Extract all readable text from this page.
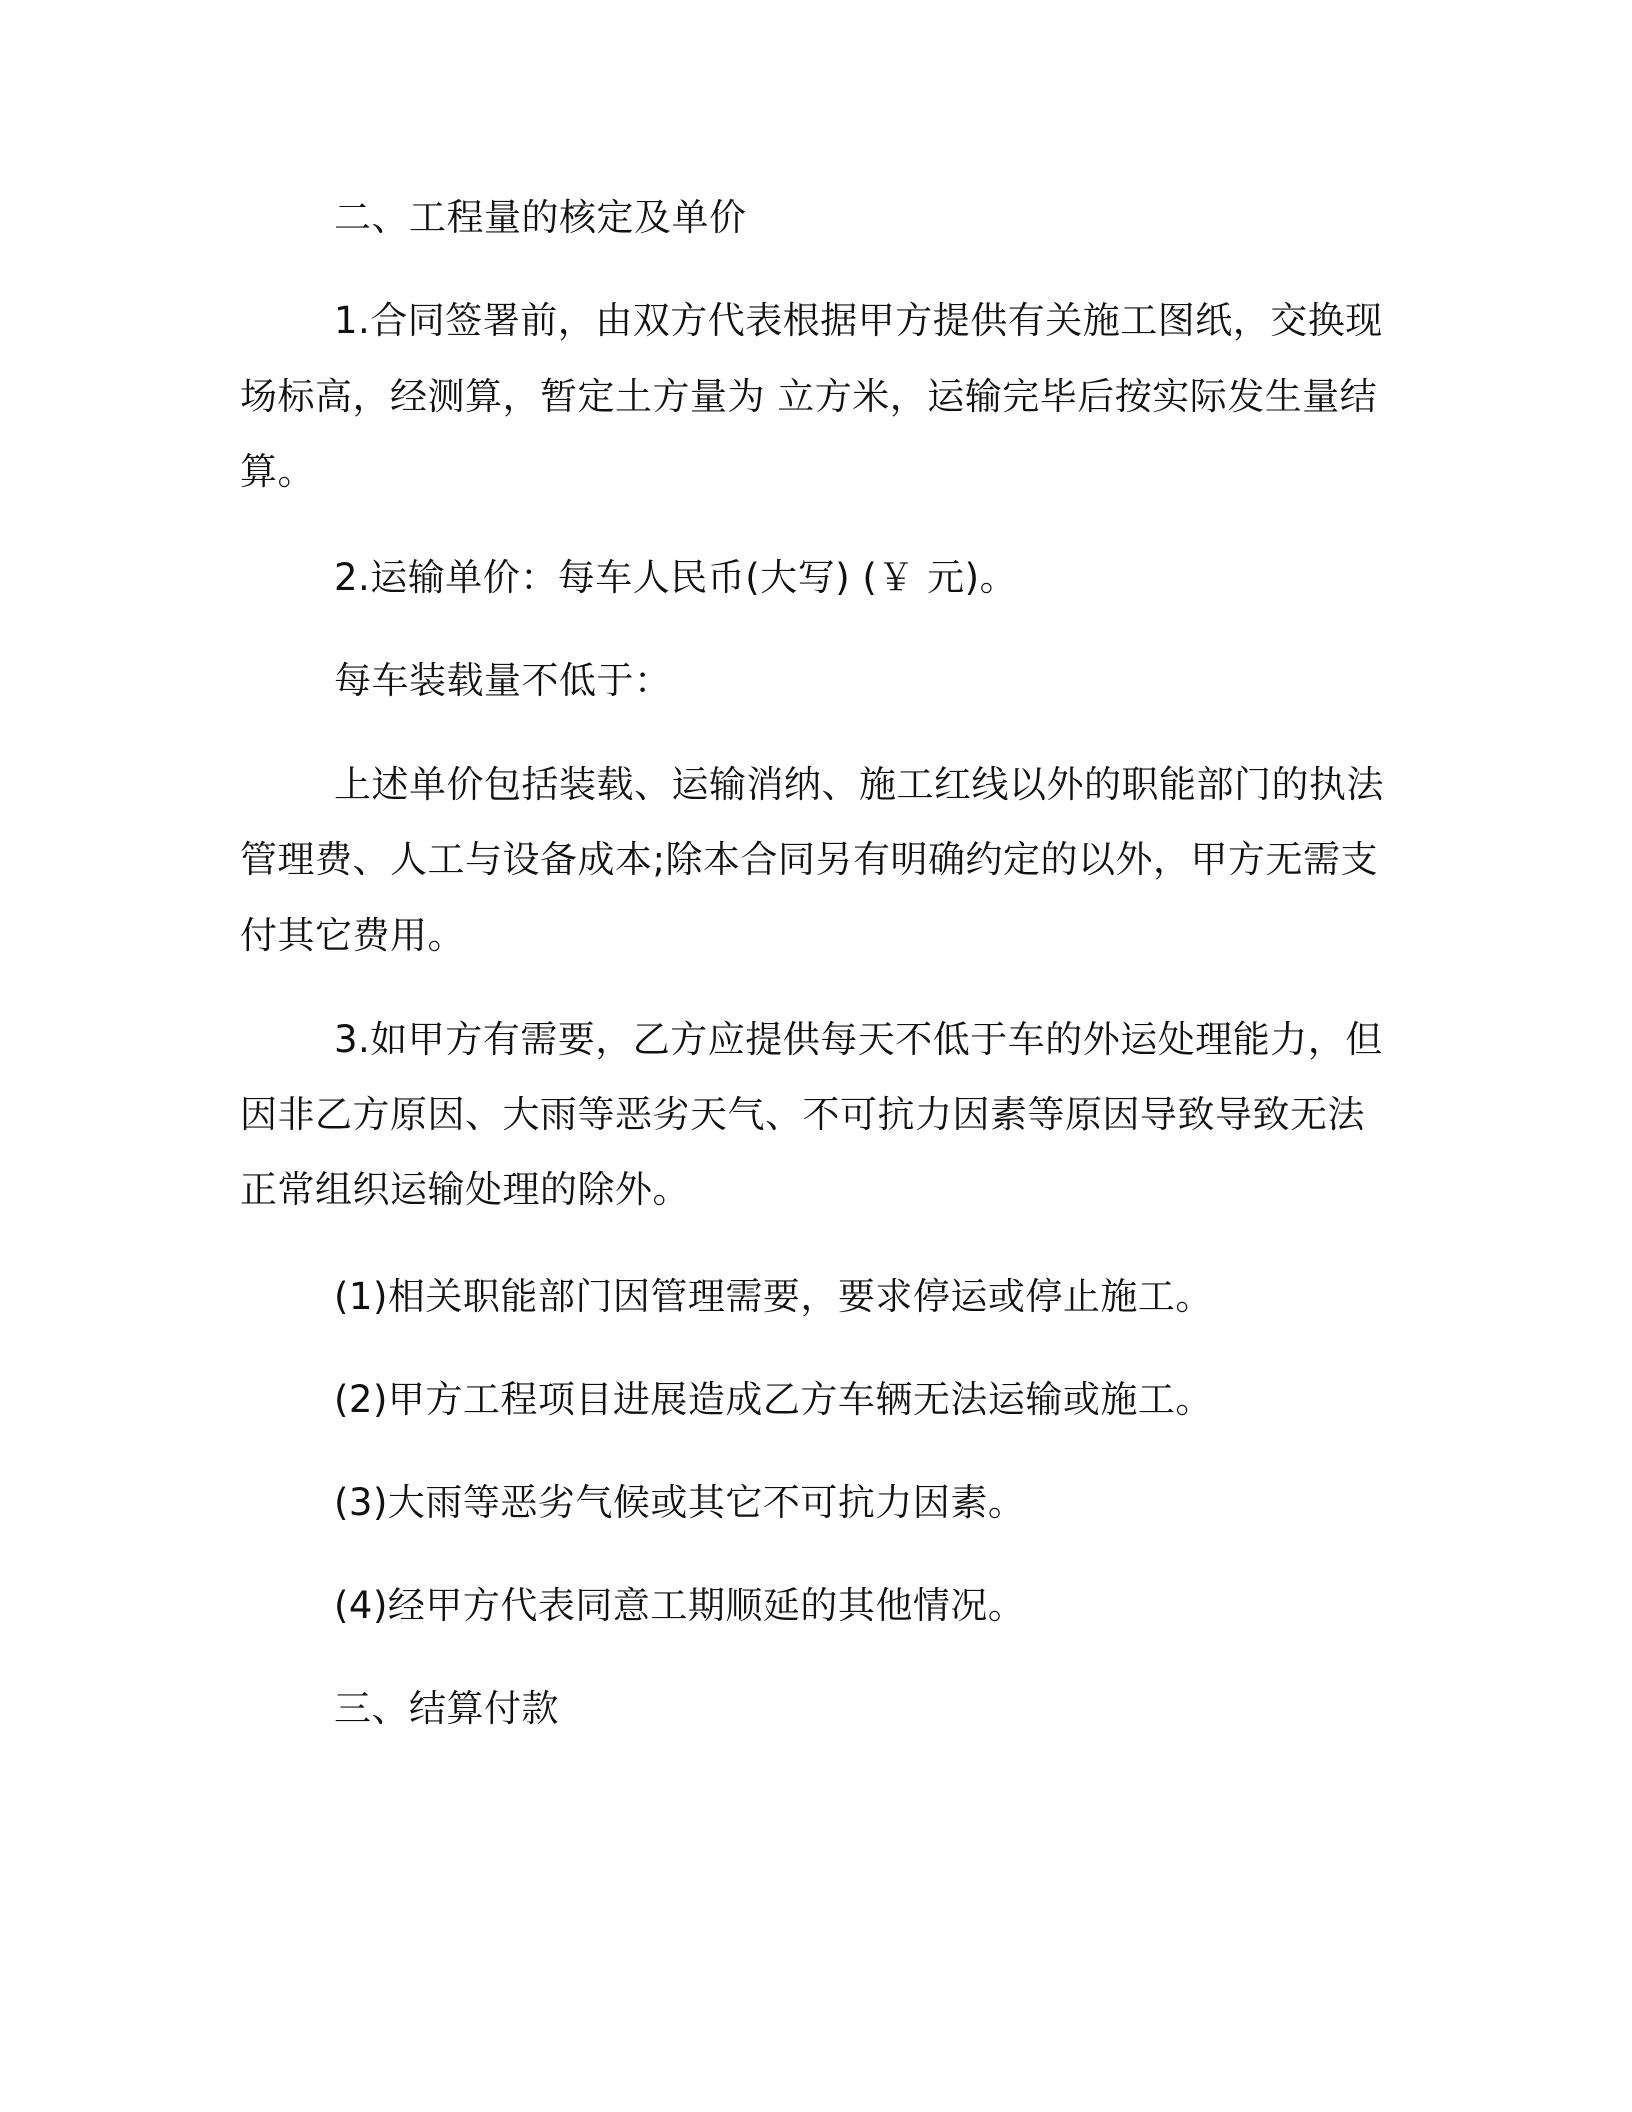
二、工程量的核定及单价
1.合同签署前，由双方代表根据甲方提供有关施工图纸，交换现
场标高，经测算，暂定土方量为 立方米，运输完毕后按实际发生量结
算。
2.运输单价：每车人民币(大写) (￥ 元)。
每车装载量不低于：
上述单价包括装载、运输消纳、施工红线以外的职能部门的执法
管理费、人工与设备成本;除本合同另有明确约定的以外，甲方无需支
付其它费用。
3.如甲方有需要，乙方应提供每天不低于车的外运处理能力，但
因非乙方原因、大雨等恶劣天气、不可抗力因素等原因导致导致无法
正常组织运输处理的除外。
(1)相关职能部门因管理需要，要求停运或停止施工。
(2)甲方工程项目进展造成乙方车辆无法运输或施工。
(3)大雨等恶劣气候或其它不可抗力因素。
(4)经甲方代表同意工期顺延的其他情况。
三、结算付款
